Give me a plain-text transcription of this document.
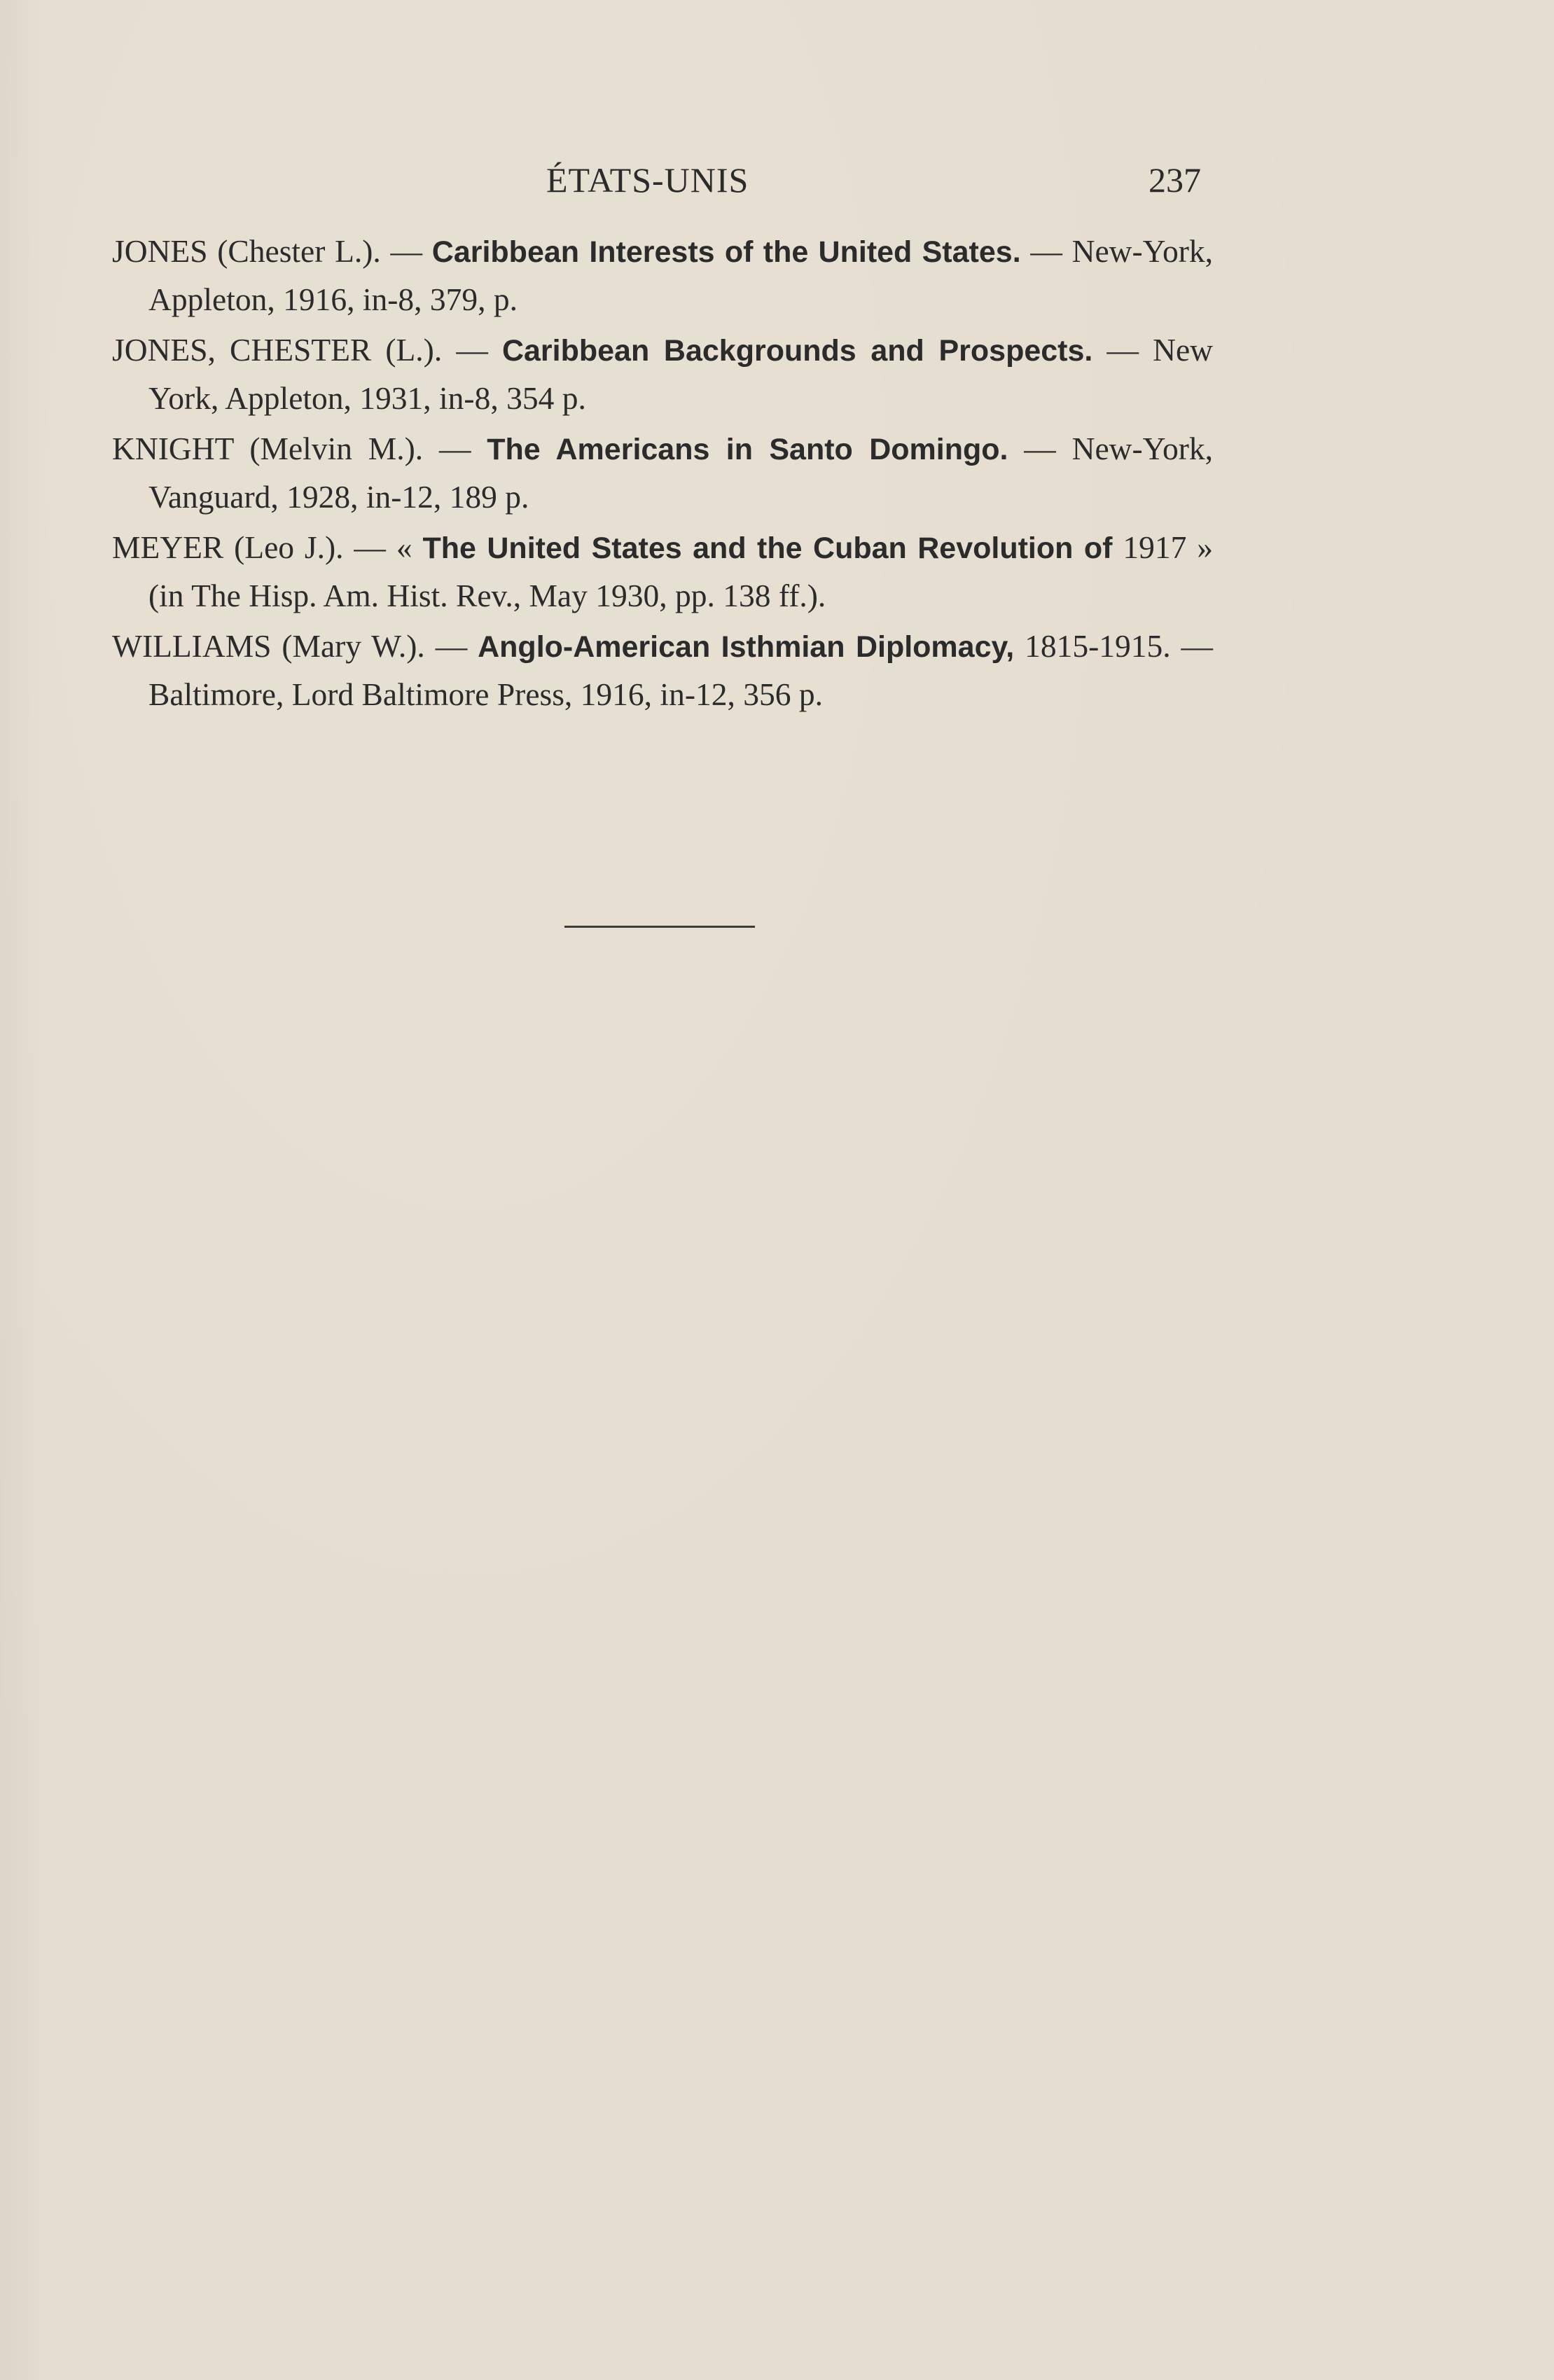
ÉTATS-UNIS	237

JONES (Chester L.). — Caribbean Interests of the United States. — New-York, Appleton, 1916, in-8, 379, p.

JONES, CHESTER (L.). — Caribbean Backgrounds and Prospects. — New York, Appleton, 1931, in-8, 354 p.

KNIGHT (Melvin M.). — The Americans in Santo Domingo. — New-York, Vanguard, 1928, in-12, 189 p.

MEYER (Leo J.). — « The United States and the Cuban Revolution of 1917 » (in The Hisp. Am. Hist. Rev., May 1930, pp. 138 ff.).

WILLIAMS (Mary W.). — Anglo-American Isthmian Diplomacy, 1815-1915. — Baltimore, Lord Baltimore Press, 1916, in-12, 356 p.
